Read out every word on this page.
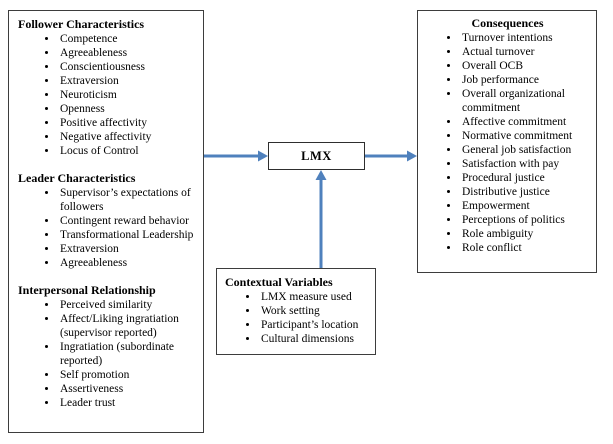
Follower Characteristics
• Competence
• Agreeableness
• Conscientiousness
• Extraversion
• Neuroticism
• Openness
• Positive affectivity
• Negative affectivity
• Locus of Control
Leader Characteristics
• Supervisor’s expectations of followers
• Contingent reward behavior
• Transformational Leadership
• Extraversion
• Agreeableness
Interpersonal Relationship
• Perceived similarity
• Affect/Liking ingratiation (supervisor reported)
• Ingratiation (subordinate reported)
• Self promotion
• Assertiveness
• Leader trust
LMX
Consequences
• Turnover intentions
• Actual turnover
• Overall OCB
• Job performance
• Overall organizational commitment
• Affective commitment
• Normative commitment
• General job satisfaction
• Satisfaction with pay
• Procedural justice
• Distributive justice
• Empowerment
• Perceptions of politics
• Role ambiguity
• Role conflict
Contextual Variables
• LMX measure used
• Work setting
• Participant’s location
• Cultural dimensions
